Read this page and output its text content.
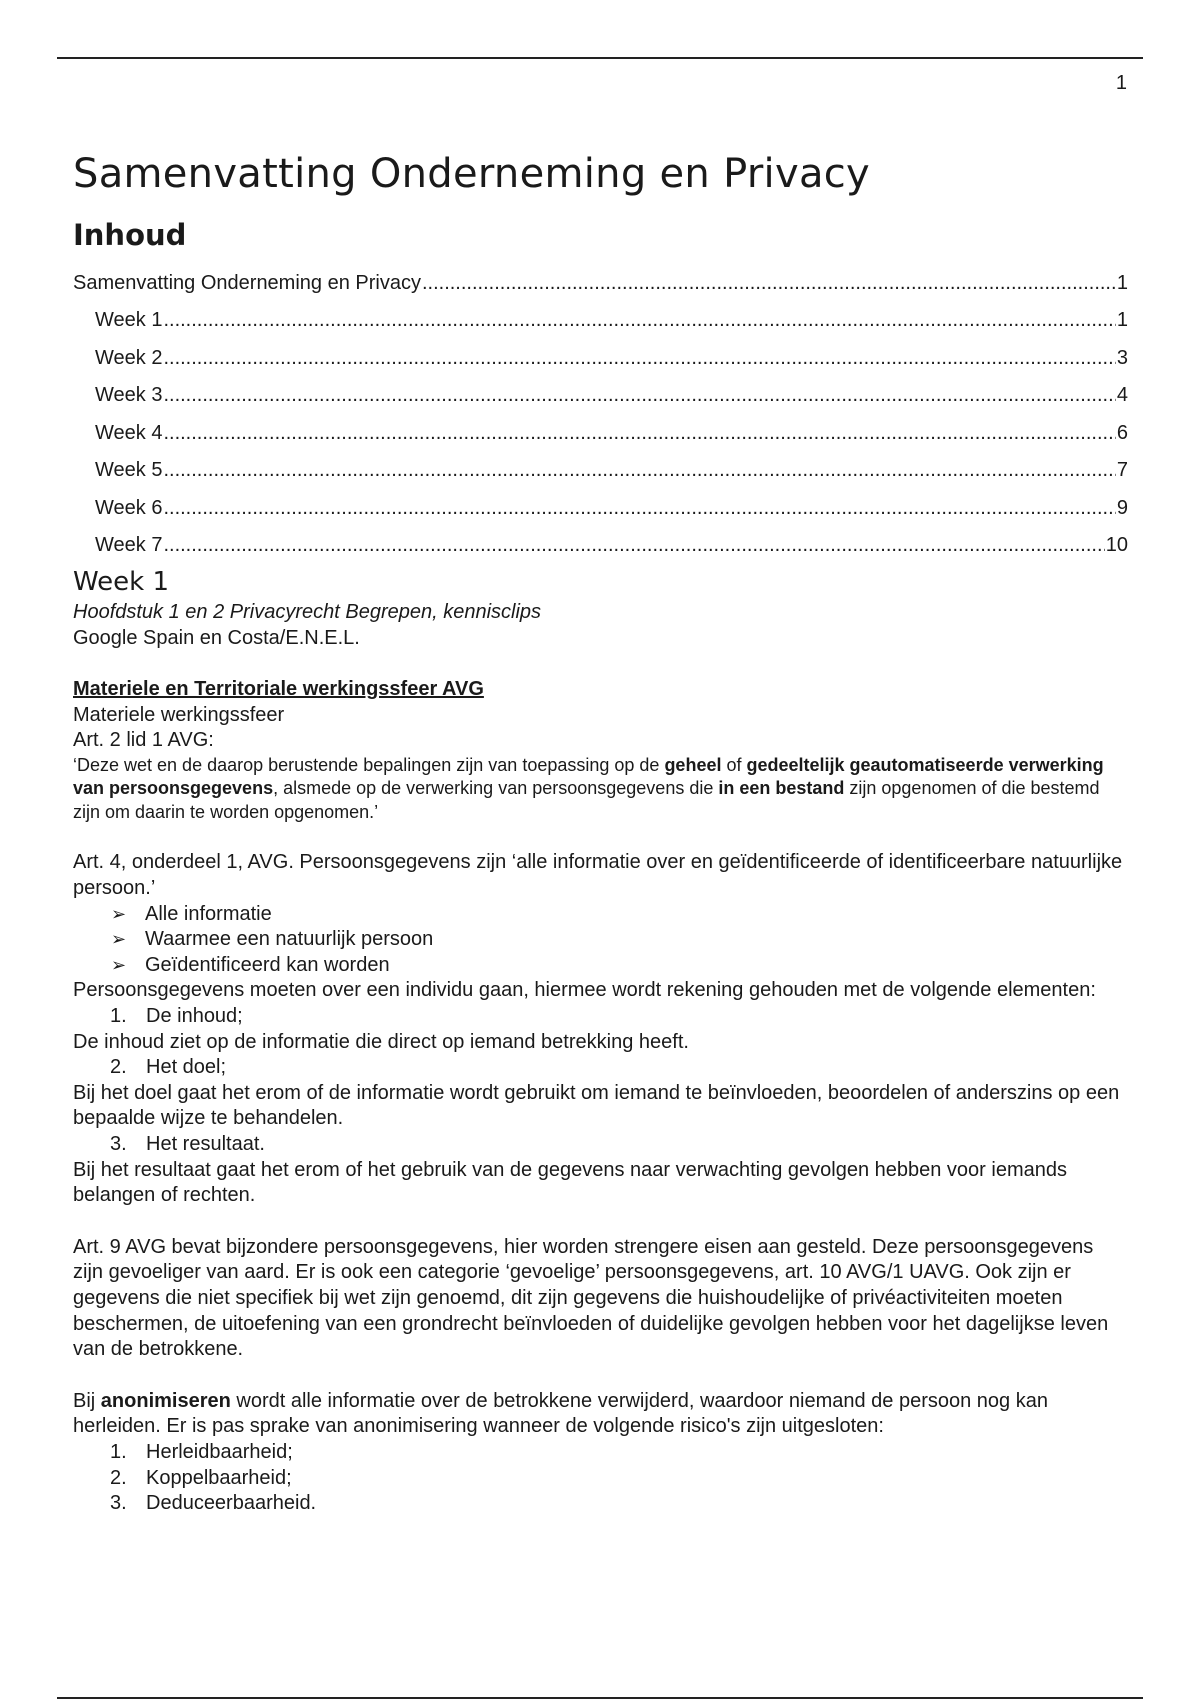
1
Samenvatting Onderneming en Privacy
Inhoud
Samenvatting Onderneming en Privacy .....	1
Week 1 .....	1
Week 2 .....	3
Week 3 .....	4
Week 4 .....	6
Week 5 .....	7
Week 6 .....	9
Week 7 .....	10
Week 1

Hoofdstuk 1 en 2 Privacyrecht Begrepen, kennisclips

Google Spain en Costa/E.N.E.L.

Materiele en Territoriale werkingssfeer AVG

Materiele werkingssfeer

Art. 2 lid 1 AVG:

‘Deze wet en de daarop berustende bepalingen zijn van toepassing op de geheel of gedeeltelijk geautomatiseerde verwerking van persoonsgegevens, alsmede op de verwerking van persoonsgegevens die in een bestand zijn opgenomen of die bestemd zijn om daarin te worden opgenomen.’

Art. 4, onderdeel 1, AVG. Persoonsgegevens zijn ‘alle informatie over en geïdentificeerde of identificeerbare natuurlijke persoon.’

➢ Alle informatie
➢ Waarmee een natuurlijk persoon
➢ Geïdentificeerd kan worden

Persoonsgegevens moeten over een individu gaan, hiermee wordt rekening gehouden met de volgende elementen:

1. De inhoud;

De inhoud ziet op de informatie die direct op iemand betrekking heeft.

2. Het doel;

Bij het doel gaat het erom of de informatie wordt gebruikt om iemand te beïnvloeden, beoordelen of anderszins op een bepaalde wijze te behandelen.

3. Het resultaat.

Bij het resultaat gaat het erom of het gebruik van de gegevens naar verwachting gevolgen hebben voor iemands belangen of rechten.

Art. 9 AVG bevat bijzondere persoonsgegevens, hier worden strengere eisen aan gesteld. Deze persoonsgegevens zijn gevoeliger van aard. Er is ook een categorie ‘gevoelige’ persoonsgegevens, art. 10 AVG/1 UAVG. Ook zijn er gegevens die niet specifiek bij wet zijn genoemd, dit zijn gegevens die huishoudelijke of privéactiviteiten moeten beschermen, de uitoefening van een grondrecht beïnvloeden of duidelijke gevolgen hebben voor het dagelijkse leven van de betrokkene.

Bij anonimiseren wordt alle informatie over de betrokkene verwijderd, waardoor niemand de persoon nog kan herleiden. Er is pas sprake van anonimisering wanneer de volgende risico's zijn uitgesloten:

1. Herleidbaarheid;
2. Koppelbaarheid;
3. Deduceerbaarheid.
